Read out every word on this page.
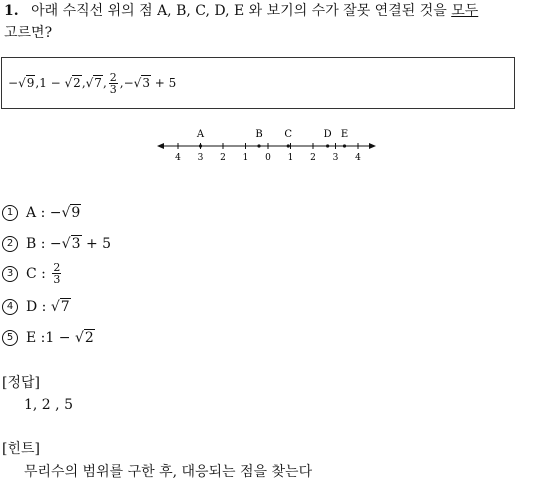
1. 아래 수직선 위의 점 A, B, C, D, E 와 보기의 수가 잘못 연결된 것을 모두
고르면?
−√9, 1 − √2, √7, $\frac{2}{3}$ , −√3 + 5
4 3 2 1 0 1 2 3 4
A	B C	D E
1 A : −√9
2 B : −√3 + 5
3 C : $\frac{2}{3}$
4 D : √7
5 E : 1 − √2
[정답]
1, 2 , 5
[힌트]
무리수의 범위를 구한 후, 대응되는 점을 찾는다
